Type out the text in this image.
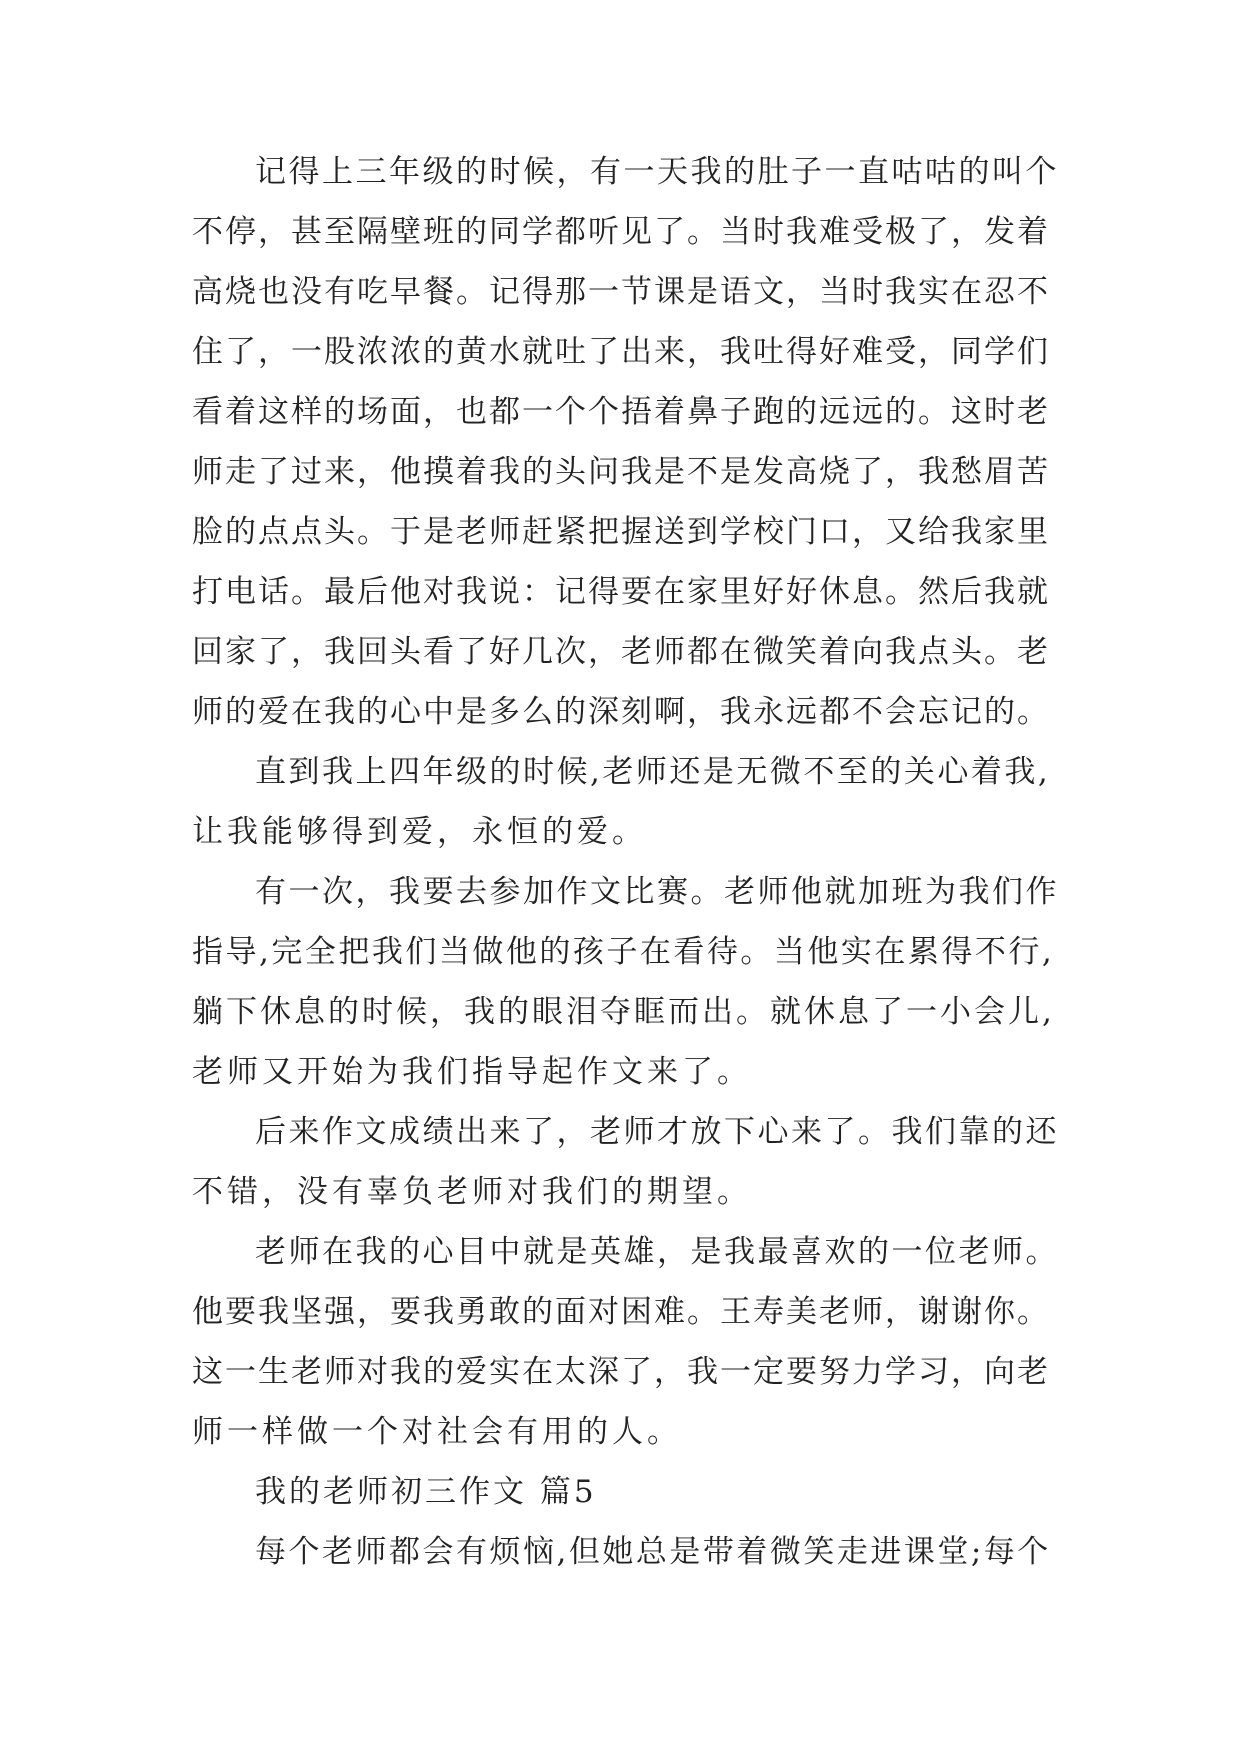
记得上三年级的时候，有一天我的肚子一直咕咕的叫个
不停，甚至隔壁班的同学都听见了。当时我难受极了，发着
高烧也没有吃早餐。记得那一节课是语文，当时我实在忍不
住了，一股浓浓的黄水就吐了出来，我吐得好难受，同学们
看着这样的场面，也都一个个捂着鼻子跑的远远的。这时老
师走了过来，他摸着我的头问我是不是发高烧了，我愁眉苦
脸的点点头。于是老师赶紧把握送到学校门口，又给我家里
打电话。最后他对我说：记得要在家里好好休息。然后我就
回家了，我回头看了好几次，老师都在微笑着向我点头。老
师的爱在我的心中是多么的深刻啊，我永远都不会忘记的。
直到我上四年级的时候,老师还是无微不至的关心着我,
让我能够得到爱，永恒的爱。
有一次，我要去参加作文比赛。老师他就加班为我们作
指导,完全把我们当做他的孩子在看待。当他实在累得不行,
躺下休息的时候，我的眼泪夺眶而出。就休息了一小会儿,
老师又开始为我们指导起作文来了。
后来作文成绩出来了，老师才放下心来了。我们靠的还
不错，没有辜负老师对我们的期望。
老师在我的心目中就是英雄，是我最喜欢的一位老师。
他要我坚强，要我勇敢的面对困难。王寿美老师，谢谢你。
这一生老师对我的爱实在太深了，我一定要努力学习，向老
师一样做一个对社会有用的人。
我的老师初三作文 篇5
每个老师都会有烦恼,但她总是带着微笑走进课堂;每个
